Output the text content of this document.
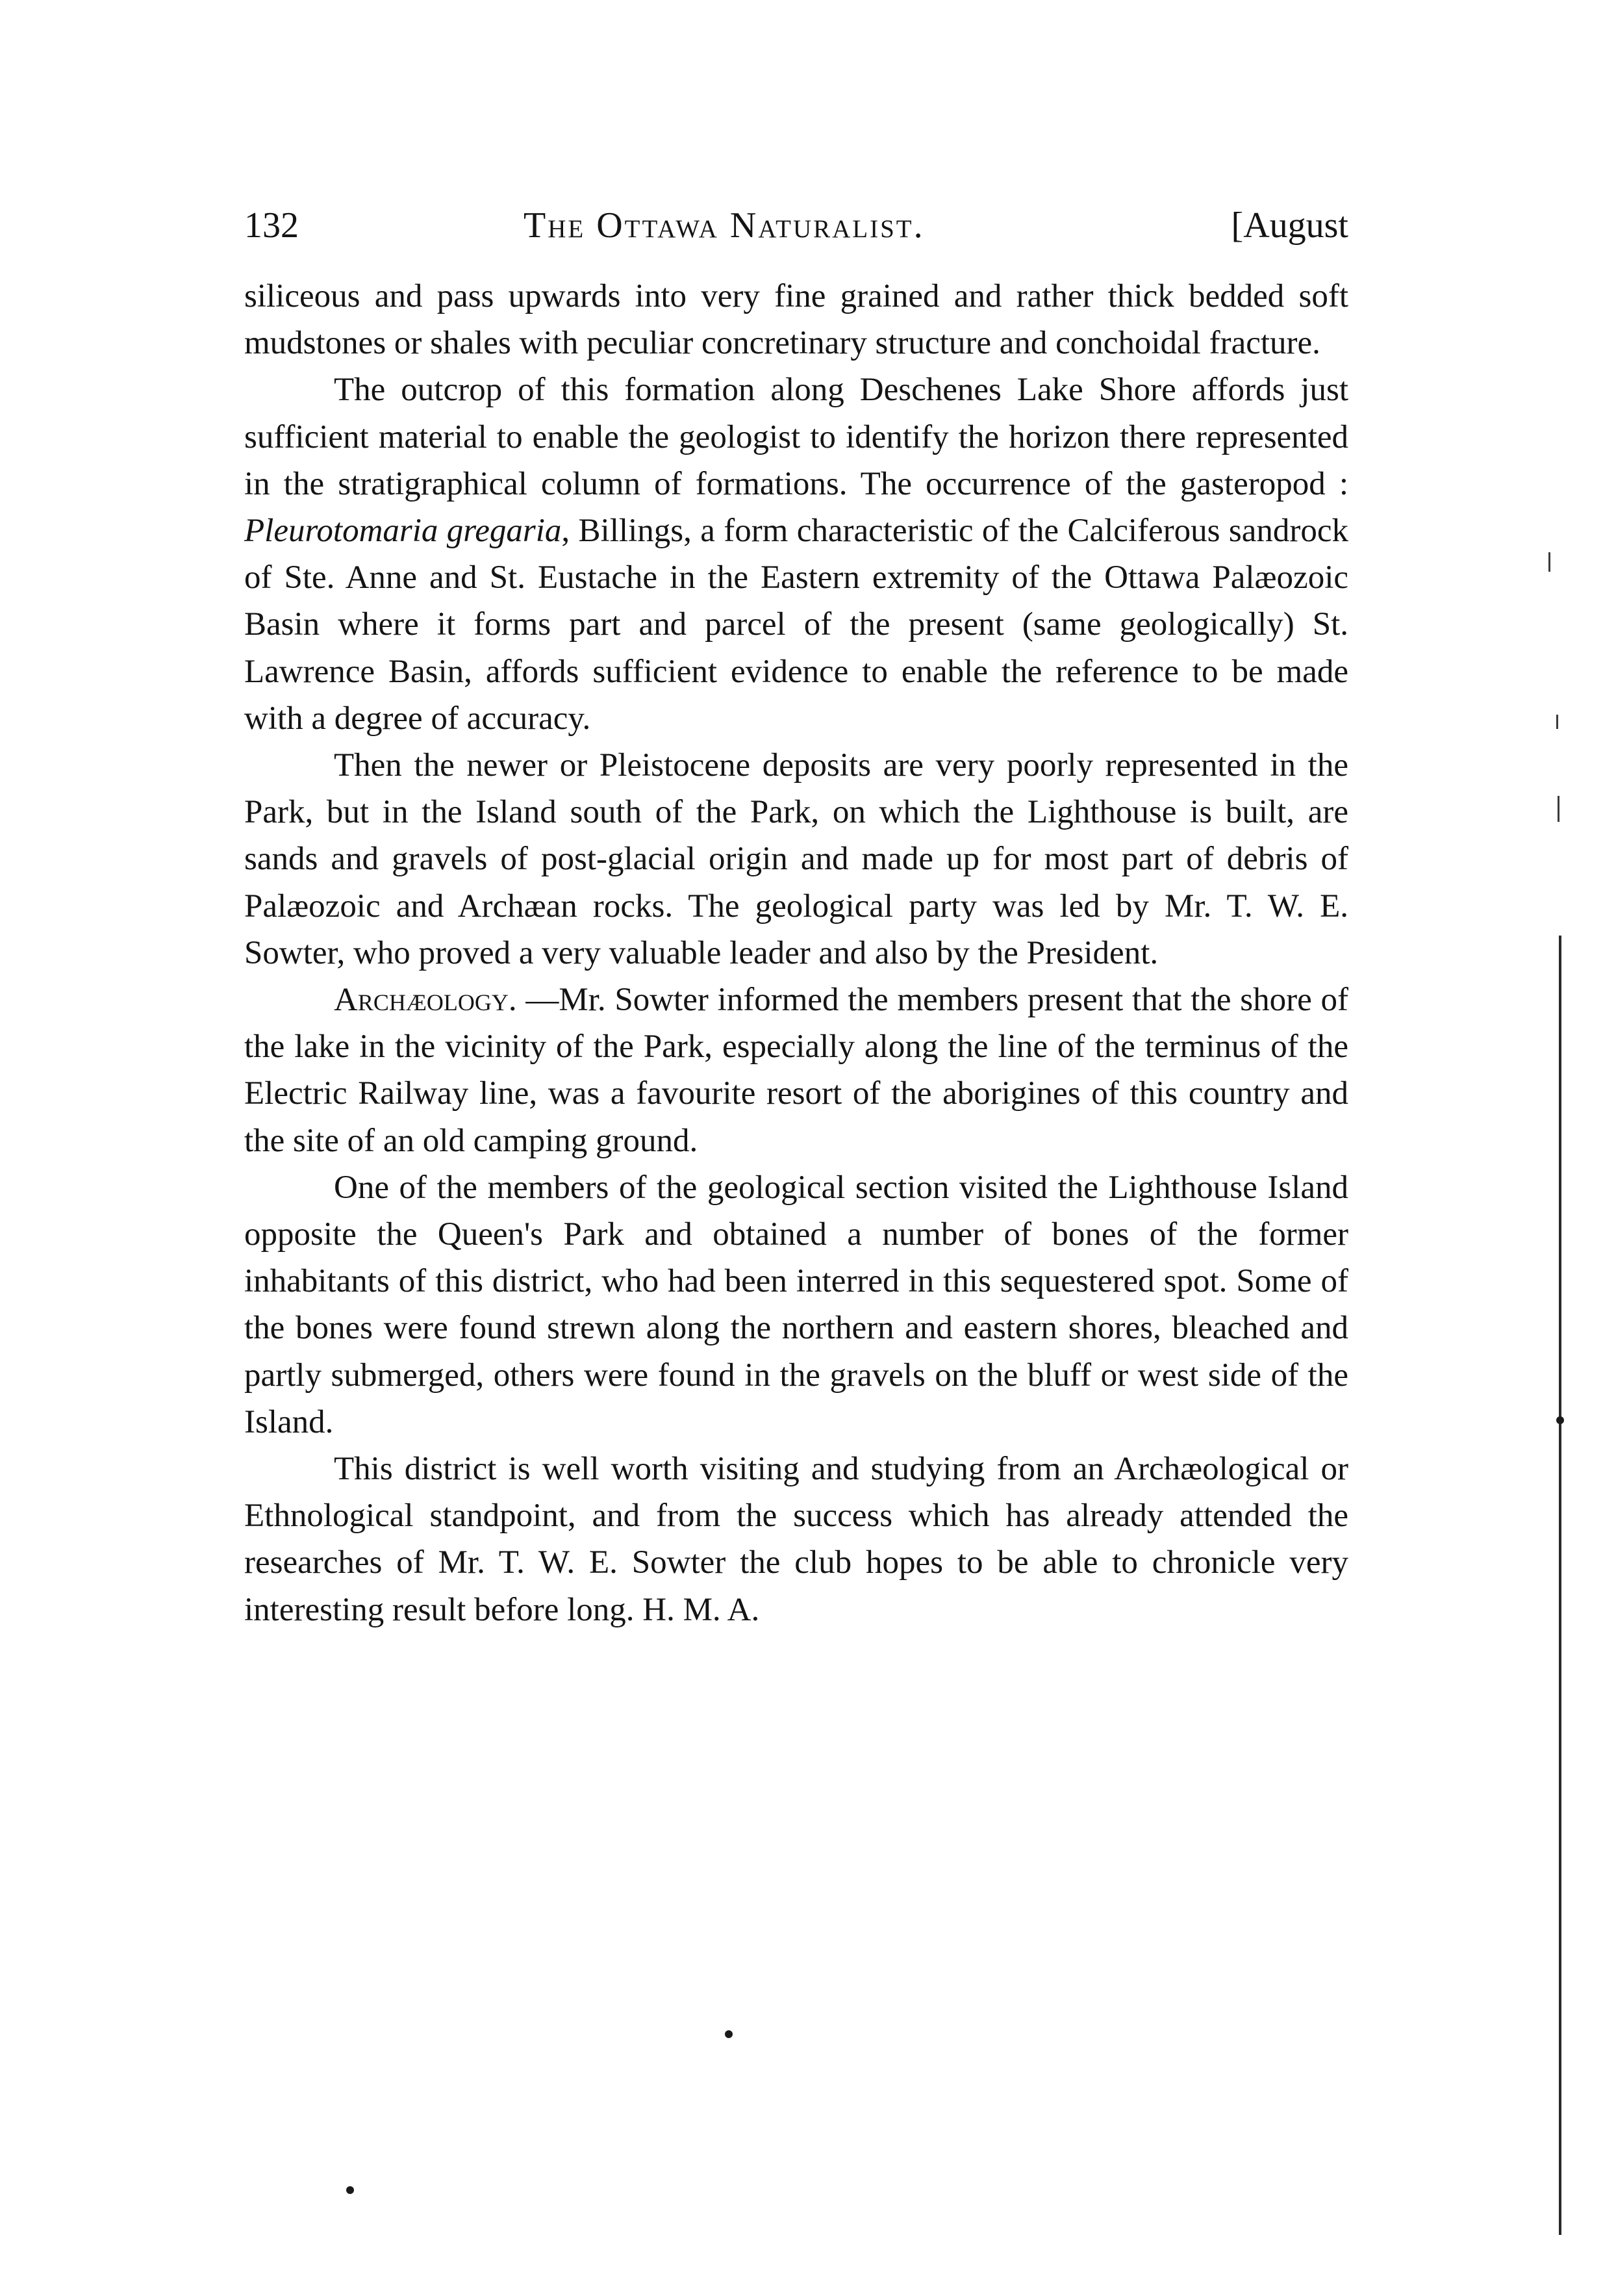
132	The Ottawa Naturalist.	[August

siliceous and pass upwards into very fine grained and rather thick bedded soft mudstones or shales with peculiar concretinary structure and conchoidal fracture.

The outcrop of this formation along Deschenes Lake Shore affords just sufficient material to enable the geologist to identify the horizon there represented in the stratigraphical column of formations. The occurrence of the gasteropod : Pleurotomaria gregaria, Billings, a form characteristic of the Calciferous sandrock of Ste. Anne and St. Eustache in the Eastern extremity of the Ottawa Palæozoic Basin where it forms part and parcel of the present (same geologically) St. Lawrence Basin, affords sufficient evidence to enable the reference to be made with a degree of accuracy.

Then the newer or Pleistocene deposits are very poorly represented in the Park, but in the Island south of the Park, on which the Lighthouse is built, are sands and gravels of post-glacial origin and made up for most part of debris of Palæozoic and Archæan rocks. The geological party was led by Mr. T. W. E. Sowter, who proved a very valuable leader and also by the President.

Archæology. —Mr. Sowter informed the members present that the shore of the lake in the vicinity of the Park, especially along the line of the terminus of the Electric Railway line, was a favourite resort of the aborigines of this country and the site of an old camping ground.

One of the members of the geological section visited the Lighthouse Island opposite the Queen's Park and obtained a number of bones of the former inhabitants of this district, who had been interred in this sequestered spot. Some of the bones were found strewn along the northern and eastern shores, bleached and partly submerged, others were found in the gravels on the bluff or west side of the Island.

This district is well worth visiting and studying from an Archæological or Ethnological standpoint, and from the success which has already attended the researches of Mr. T. W. E. Sowter the club hopes to be able to chronicle very interesting result before long. H. M. A.
